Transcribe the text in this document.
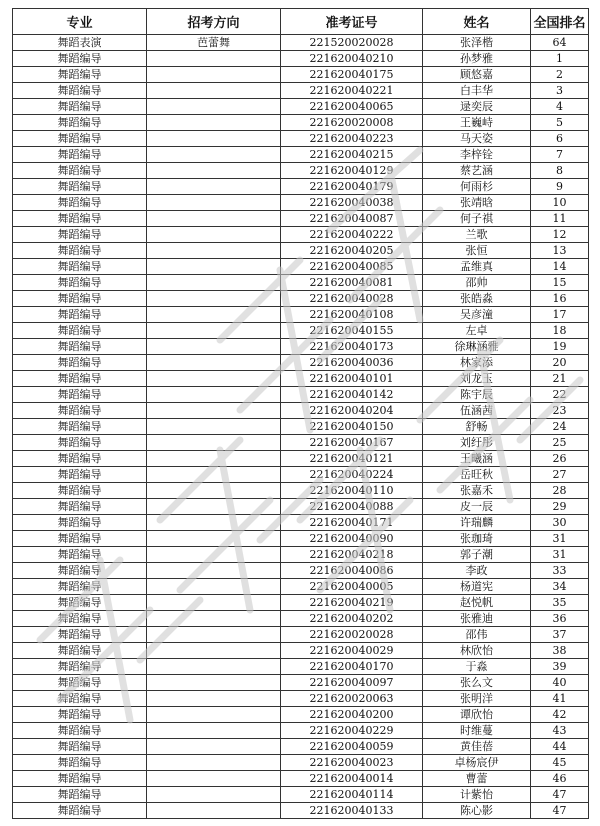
专业	招考方向	准考证号	姓名	全国排名
舞蹈表演	芭蕾舞	221520020028	张泽楷	64
舞蹈编导		221620040210	孙梦雅	1
舞蹈编导		221620040175	顾悠嘉	2
舞蹈编导		221620040221	白丰华	3
舞蹈编导		221620040065	逯奕辰	4
舞蹈编导		221620020008	王巍峙	5
舞蹈编导		221620040223	马天姿	6
舞蹈编导		221620040215	李梓铨	7
舞蹈编导		221620040129	蔡艺涵	8
舞蹈编导		221620040179	何雨杉	9
舞蹈编导		221620040038	张靖晗	10
舞蹈编导		221620040087	何子祺	11
舞蹈编导		221620040222	兰歌	12
舞蹈编导		221620040205	张恒	13
舞蹈编导		221620040085	孟维真	14
舞蹈编导		221620040081	邵帅	15
舞蹈编导		221620040028	张皓淼	16
舞蹈编导		221620040108	吴彦潼	17
舞蹈编导		221620040155	左卓	18
舞蹈编导		221620040173	徐琳涵雅	19
舞蹈编导		221620040036	林家添	20
舞蹈编导		221620040101	刘龙玉	21
舞蹈编导		221620040142	陈宇辰	22
舞蹈编导		221620040204	伍涵茜	23
舞蹈编导		221620040150	舒畅	24
舞蹈编导		221620040167	刘纡彤	25
舞蹈编导		221620040121	王曦涵	26
舞蹈编导		221620040224	岳旺秋	27
舞蹈编导		221620040110	张嘉禾	28
舞蹈编导		221620040088	皮一辰	29
舞蹈编导		221620040171	许瑞麟	30
舞蹈编导		221620040090	张珈琦	31
舞蹈编导		221620040218	郭子潮	31
舞蹈编导		221620040086	李政	33
舞蹈编导		221620040005	杨道宪	34
舞蹈编导		221620040219	赵悦帆	35
舞蹈编导		221620040202	张雅迪	36
舞蹈编导		221620020028	邵伟	37
舞蹈编导		221620040029	林欣怡	38
舞蹈编导		221620040170	于淼	39
舞蹈编导		221620040097	张么文	40
舞蹈编导		221620020063	张明洋	41
舞蹈编导		221620040200	谭欣怡	42
舞蹈编导		221620040229	时维蔓	43
舞蹈编导		221620040059	黄佳蓓	44
舞蹈编导		221620040023	卓杨宸伊	45
舞蹈编导		221620040014	曹蕾	46
舞蹈编导		221620040114	计紫怡	47
舞蹈编导		221620040133	陈心影	47
